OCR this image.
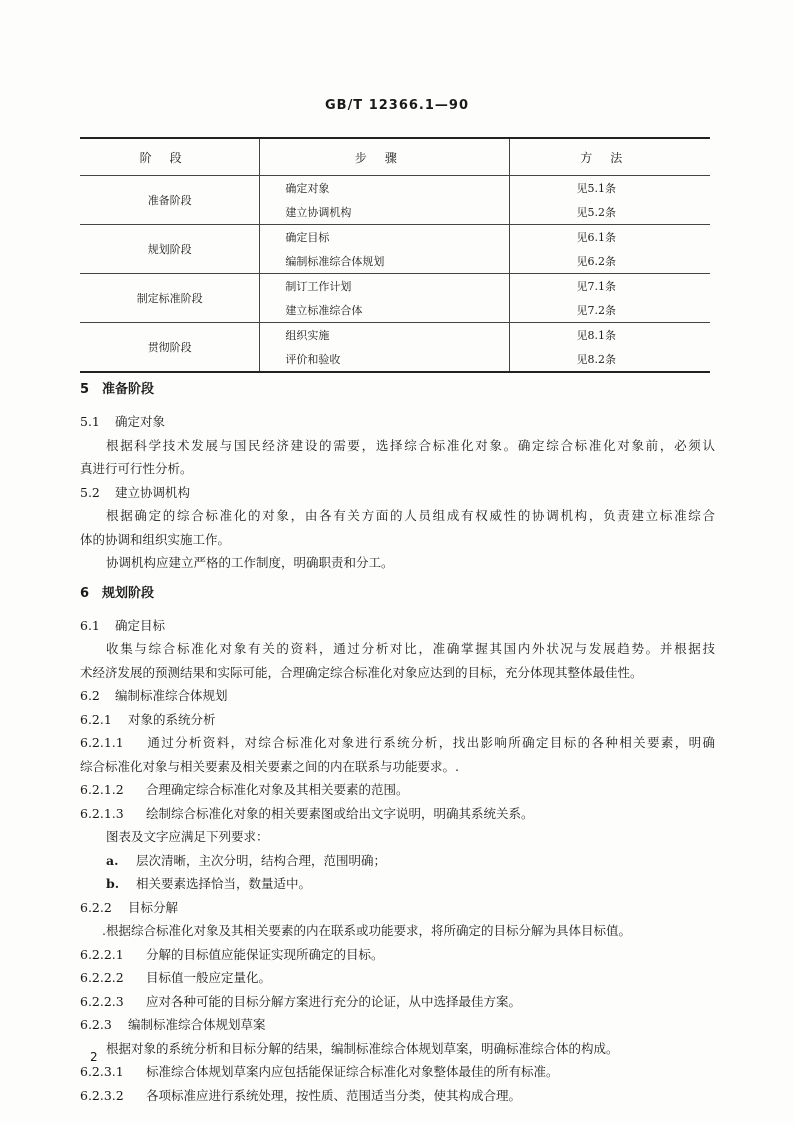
GB/T 12366.1—90
阶段	步骤	方法
准备阶段	确定对象	见5.1条
	建立协调机构	见5.2条
规划阶段	确定目标	见6.1条
	编制标准综合体规划	见6.2条
制定标准阶段	制订工作计划	见7.1条
	建立标准综合体	见7.2条
贯彻阶段	组织实施	见8.1条
	评价和验收	见8.2条

5 准备阶段

5.1 确定对象

根据科学技术发展与国民经济建设的需要，选择综合标准化对象。确定综合标准化对象前，必须认

真进行可行性分析。

5.2 建立协调机构

根据确定的综合标准化的对象，由各有关方面的人员组成有权威性的协调机构，负责建立标准综合

体的协调和组织实施工作。

协调机构应建立严格的工作制度，明确职责和分工。

6 规划阶段

6.1 确定目标

收集与综合标准化对象有关的资料，通过分析对比，准确掌握其国内外状况与发展趋势。并根据技

术经济发展的预测结果和实际可能，合理确定综合标准化对象应达到的目标，充分体现其整体最佳性。

6.2 编制标准综合体规划

6.2.1 对象的系统分析

6.2.1.1 通过分析资料，对综合标准化对象进行系统分析，找出影响所确定目标的各种相关要素，明确

综合标准化对象与相关要素及相关要素之间的内在联系与功能要求。.

6.2.1.2 合理确定综合标准化对象及其相关要素的范围。

6.2.1.3 绘制综合标准化对象的相关要素图或给出文字说明，明确其系统关系。

图表及文字应满足下列要求：

a. 层次清晰，主次分明，结构合理，范围明确；

b. 相关要素选择恰当，数量适中。

6.2.2 目标分解

.根据综合标准化对象及其相关要素的内在联系或功能要求，将所确定的目标分解为具体目标值。

6.2.2.1 分解的目标值应能保证实现所确定的目标。

6.2.2.2 目标值一般应定量化。

6.2.2.3 应对各种可能的目标分解方案进行充分的论证，从中选择最佳方案。

6.2.3 编制标准综合体规划草案

根据对象的系统分析和目标分解的结果，编制标准综合体规划草案，明确标准综合体的构成。

6.2.3.1 标准综合体规划草案内应包括能保证综合标准化对象整体最佳的所有标准。

6.2.3.2 各项标准应进行系统处理，按性质、范围适当分类，使其构成合理。

2
